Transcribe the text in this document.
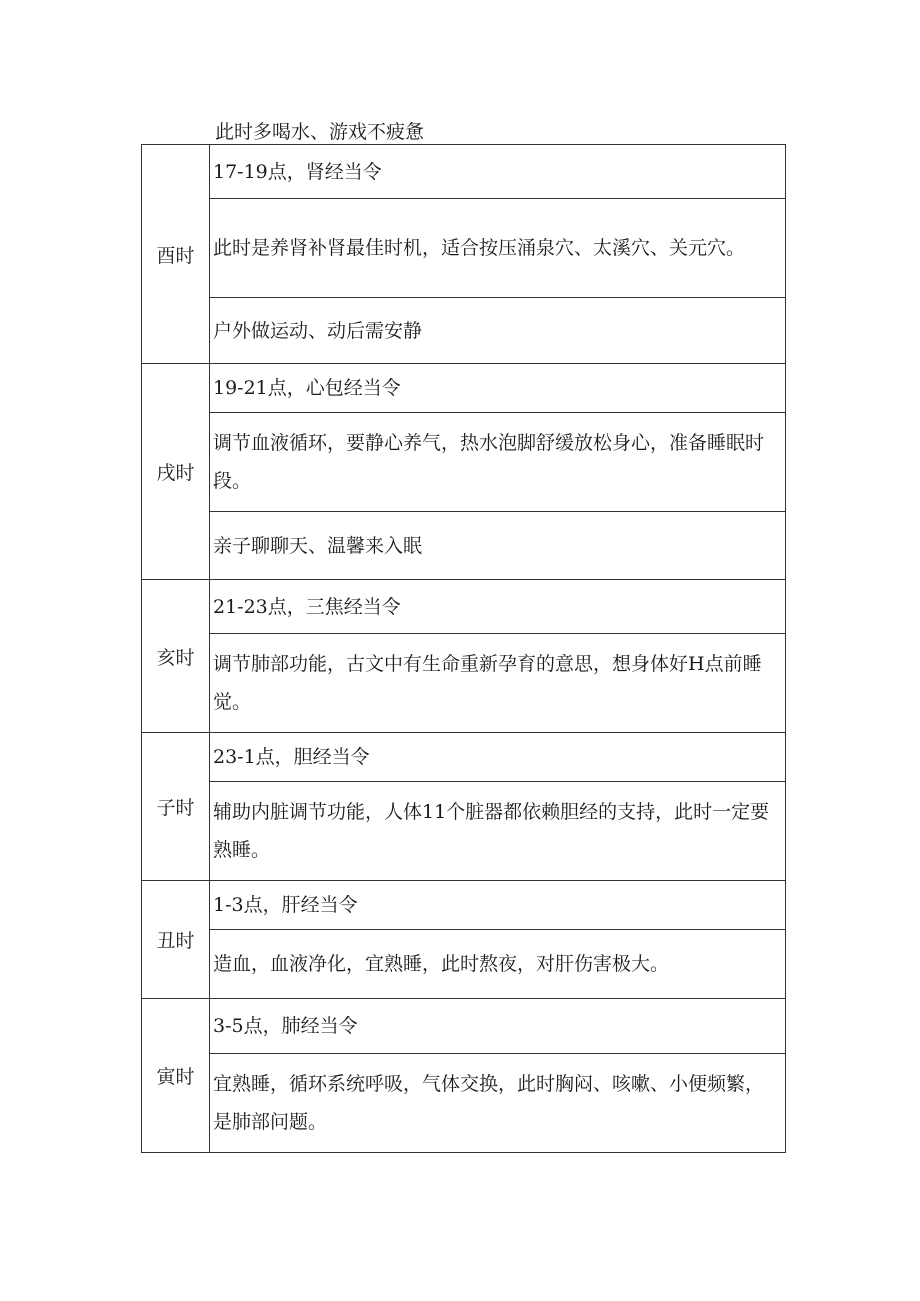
此时多喝水、游戏不疲惫
酉时	17-19点，肾经当令
	此时是养肾补肾最佳时机，适合按压涌泉穴、太溪穴、关元穴。
	户外做运动、动后需安静
戌时	19-21点，心包经当令
	调节血液循环，要静心养气，热水泡脚舒缓放松身心，准备睡眠时段。
	亲子聊聊天、温馨来入眠
亥时	21-23点，三焦经当令
	调节肺部功能，古文中有生命重新孕育的意思，想身体好H点前睡觉。
子时	23-1点，胆经当令
	辅助内脏调节功能，人体11个脏器都依赖胆经的支持，此时一定要熟睡。
丑时	1-3点，肝经当令
	造血，血液净化，宜熟睡，此时熬夜，对肝伤害极大。
寅时	3-5点，肺经当令
	宜熟睡，循环系统呼吸，气体交换，此时胸闷、咳嗽、小便频繁，是肺部问题。
